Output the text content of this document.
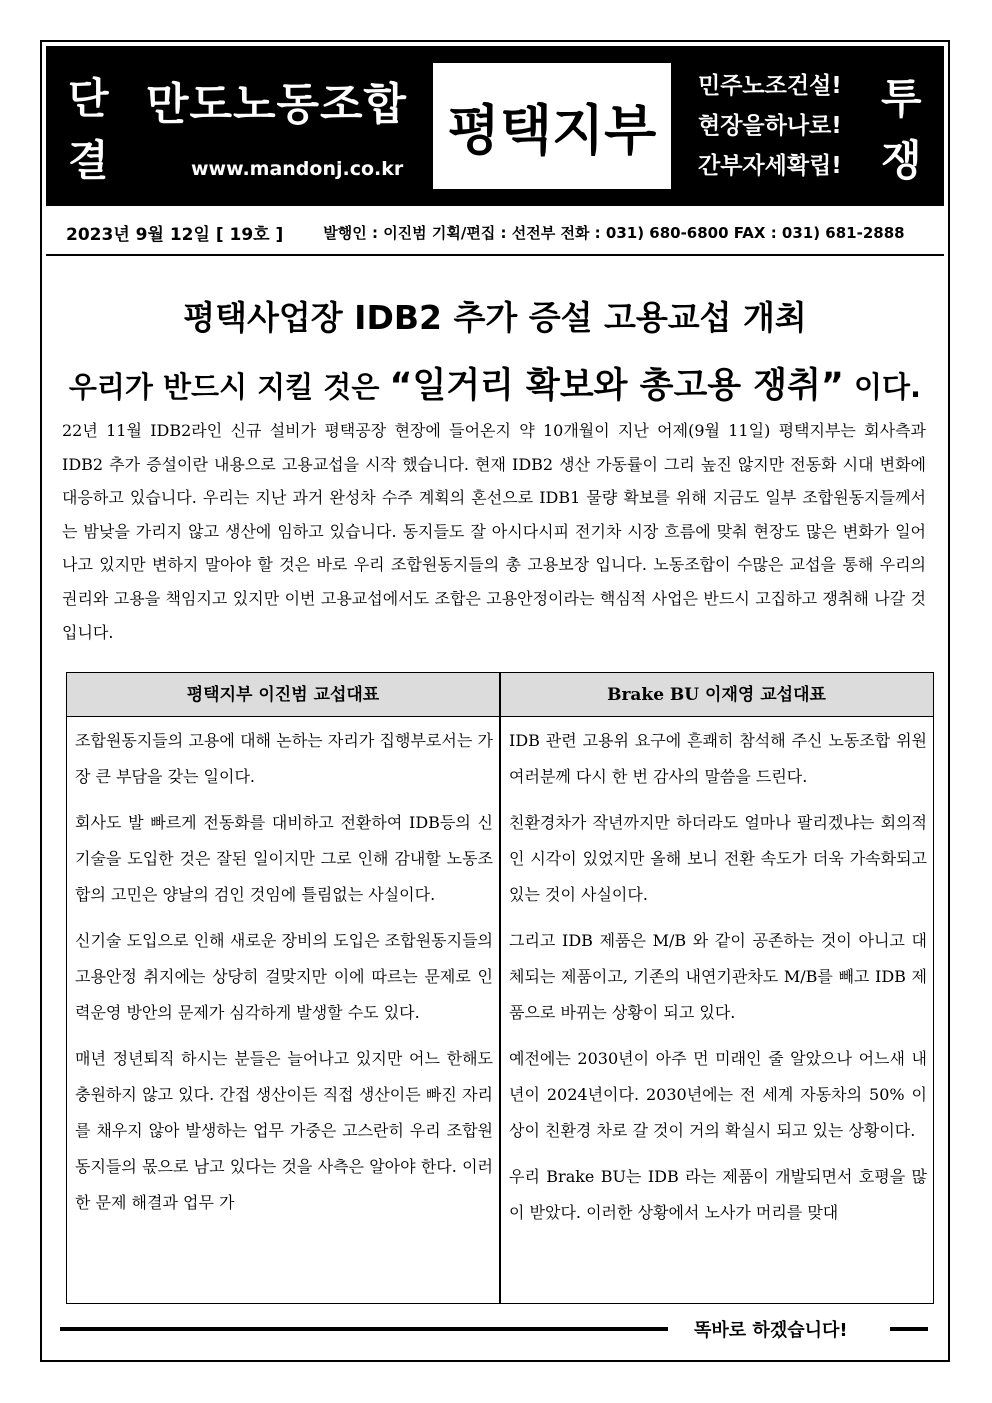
단
결
만도노동조합
www.mandonj.co.kr
평택지부
민주노조건설!
현장을하나로!
간부자세확립!
투
쟁
2023년 9월 12일 [ 19호 ]	발행인 : 이진범 기획/편집 : 선전부 전화 : 031) 680-6800 FAX : 031) 681-2888
평택사업장 IDB2 추가 증설 고용교섭 개최
우리가 반드시 지킬 것은 “일거리 확보와 총고용 쟁취” 이다.
22년 11월 IDB2라인 신규 설비가 평택공장 현장에 들어온지 약 10개월이 지난 어제(9월 11일) 평택지부는 회사측과 IDB2 추가 증설이란 내용으로 고용교섭을 시작 했습니다. 현재 IDB2 생산 가동률이 그리 높진 않지만 전동화 시대 변화에 대응하고 있습니다. 우리는 지난 과거 완성차 수주 계획의 혼선으로 IDB1 물량 확보를 위해 지금도 일부 조합원동지들께서는 밤낮을 가리지 않고 생산에 임하고 있습니다. 동지들도 잘 아시다시피 전기차 시장 흐름에 맞춰 현장도 많은 변화가 일어나고 있지만 변하지 말아야 할 것은 바로 우리 조합원동지들의 총 고용보장 입니다. 노동조합이 수많은 교섭을 통해 우리의 권리와 고용을 책임지고 있지만 이번 고용교섭에서도 조합은 고용안정이라는 핵심적 사업은 반드시 고집하고 쟁취해 나갈 것입니다.
평택지부 이진범 교섭대표	Brake BU 이재영 교섭대표

조합원동지들의 고용에 대해 논하는 자리가 집행부로서는 가장 큰 부담을 갖는 일이다.

회사도 발 빠르게 전동화를 대비하고 전환하여 IDB등의 신기술을 도입한 것은 잘된 일이지만 그로 인해 감내할 노동조합의 고민은 양날의 검인 것임에 틀림없는 사실이다.

신기술 도입으로 인해 새로운 장비의 도입은 조합원동지들의 고용안정 취지에는 상당히 걸맞지만 이에 따르는 문제로 인력운영 방안의 문제가 심각하게 발생할 수도 있다.

매년 정년퇴직 하시는 분들은 늘어나고 있지만 어느 한해도 충원하지 않고 있다. 간접 생산이든 직접 생산이든 빠진 자리를 채우지 않아 발생하는 업무 가중은 고스란히 우리 조합원동지들의 몫으로 남고 있다는 것을 사측은 알아야 한다. 이러한 문제 해결과 업무 가

IDB 관련 고용위 요구에 흔쾌히 참석해 주신 노동조합 위원 여러분께 다시 한 번 감사의 말씀을 드린다.

친환경차가 작년까지만 하더라도 얼마나 팔리겠냐는 회의적인 시각이 있었지만 올해 보니 전환 속도가 더욱 가속화되고 있는 것이 사실이다.

그리고 IDB 제품은 M/B 와 같이 공존하는 것이 아니고 대체되는 제품이고, 기존의 내연기관차도 M/B를 빼고 IDB 제품으로 바뀌는 상황이 되고 있다.

예전에는 2030년이 아주 먼 미래인 줄 알았으나 어느새 내년이 2024년이다. 2030년에는 전 세계 자동차의 50% 이상이 친환경 차로 갈 것이 거의 확실시 되고 있는 상황이다.

우리 Brake BU는 IDB 라는 제품이 개발되면서 호평을 많이 받았다. 이러한 상황에서 노사가 머리를 맞대

똑바로 하겠습니다!
